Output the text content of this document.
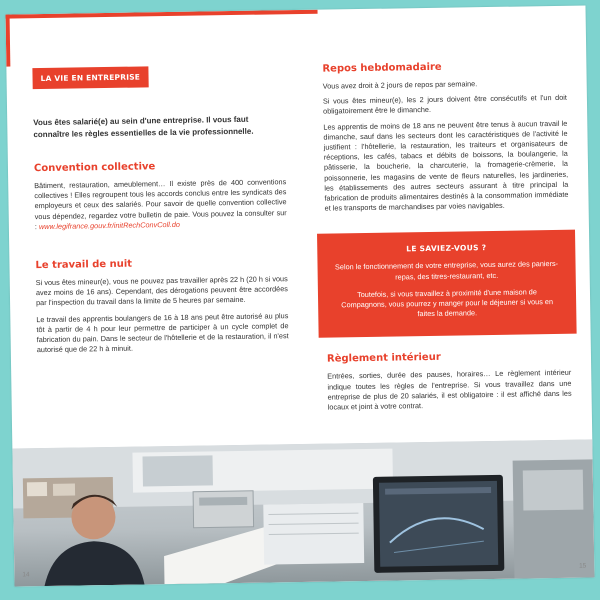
LA VIE EN ENTREPRISE
Vous êtes salarié(e) au sein d'une entreprise. Il vous faut connaître les règles essentielles de la vie professionnelle.
Convention collective

Bâtiment, restauration, ameublement… Il existe près de 400 conventions collectives ! Elles regroupent tous les accords conclus entre les syndicats des employeurs et ceux des salariés. Pour savoir de quelle convention collective vous dépendez, regardez votre bulletin de paie. Vous pouvez la consulter sur : www.legifrance.gouv.fr/initRechConvColl.do

Le travail de nuit

Si vous êtes mineur(e), vous ne pouvez pas travailler après 22 h (20 h si vous avez moins de 16 ans). Cependant, des dérogations peuvent être accordées par l'inspection du travail dans la limite de 5 heures par semaine.

Le travail des apprentis boulangers de 16 à 18 ans peut être autorisé au plus tôt à partir de 4 h pour leur permettre de participer à un cycle complet de fabrication du pain. Dans le secteur de l'hôtellerie et de la restauration, il n'est autorisé que de 22 h à minuit.

Repos hebdomadaire

Vous avez droit à 2 jours de repos par semaine.

Si vous êtes mineur(e), les 2 jours doivent être consécutifs et l'un doit obligatoirement être le dimanche.

Les apprentis de moins de 18 ans ne peuvent être tenus à aucun travail le dimanche, sauf dans les secteurs dont les caractéristiques de l'activité le justifient : l'hôtellerie, la restauration, les traiteurs et organisateurs de réceptions, les cafés, tabacs et débits de boissons, la boulangerie, la pâtisserie, la boucherie, la charcuterie, la fromagerie-crèmerie, la poissonnerie, les magasins de vente de fleurs naturelles, les jardineries, les établissements des autres secteurs assurant à titre principal la fabrication de produits alimentaires destinés à la consommation immédiate et les transports de marchandises par voies navigables.

LE SAVIEZ-VOUS ?

Selon le fonctionnement de votre entreprise, vous aurez des paniers-repas, des titres-restaurant, etc.

Toutefois, si vous travaillez à proximité d'une maison de Compagnons, vous pourrez y manger pour le déjeuner si vous en faites la demande.

Règlement intérieur

Entrées, sorties, durée des pauses, horaires… Le règlement intérieur indique toutes les règles de l'entreprise. Si vous travaillez dans une entreprise de plus de 20 salariés, il est obligatoire : il est affiché dans les locaux et joint à votre contrat.

14
15
